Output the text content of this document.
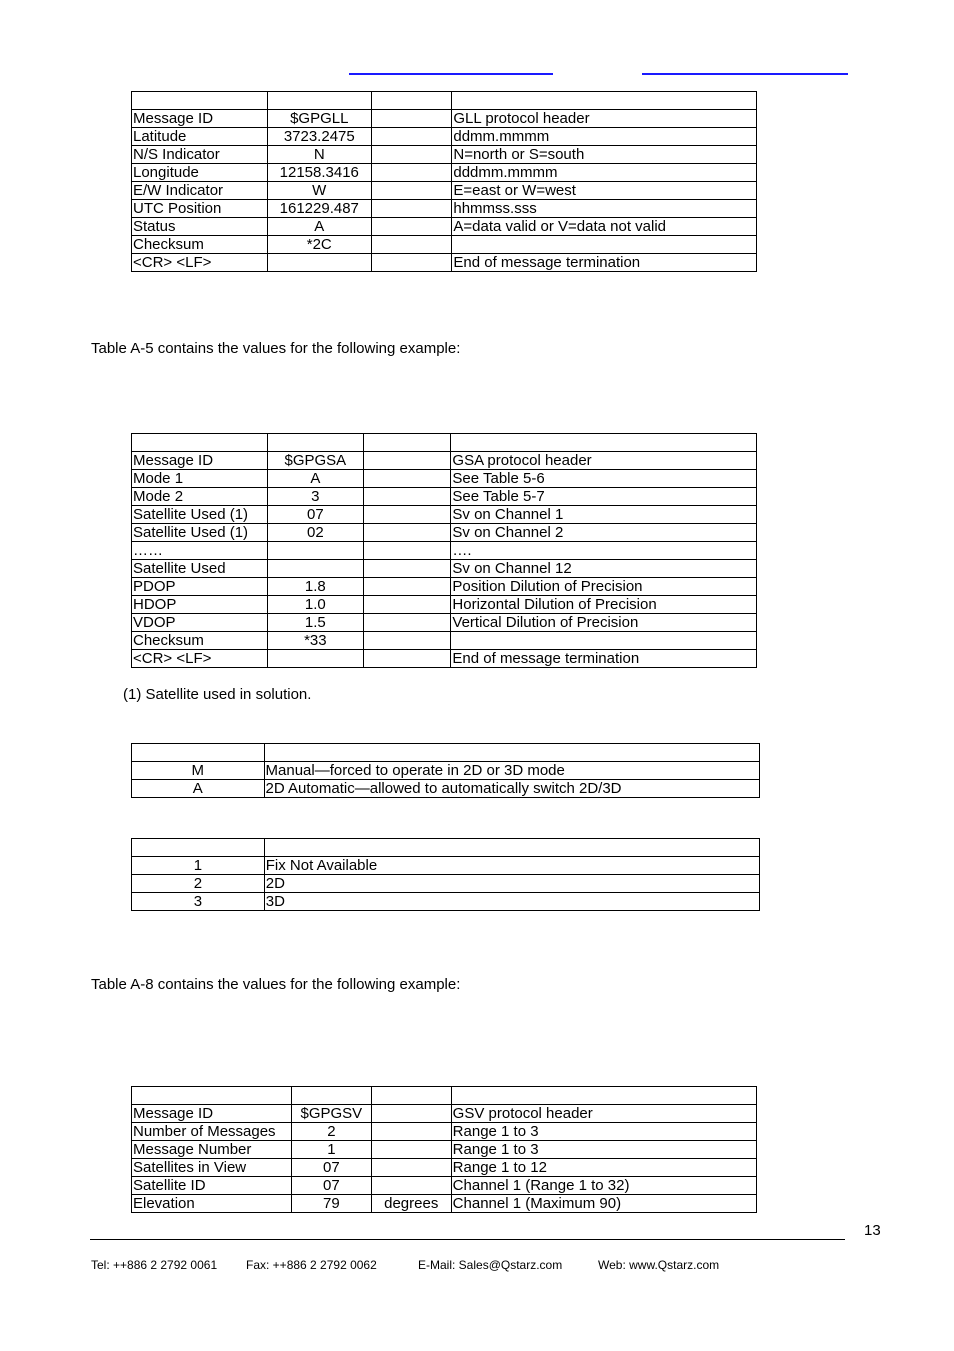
Message ID	$GPGLL		GLL protocol header
Latitude	3723.2475		ddmm.mmmm
N/S Indicator	N		N=north or S=south
Longitude	12158.3416		dddmm.mmmm
E/W Indicator	W		E=east or W=west
UTC Position	161229.487		hhmmss.sss
Status	A		A=data valid or V=data not valid
Checksum	*2C		
<CR> <LF>			End of message termination
Table A-5 contains the values for the following example:

Message ID	$GPGSA		GSA protocol header
Mode 1	A		See Table 5-6
Mode 2	3		See Table 5-7
Satellite Used (1)	07		Sv on Channel 1
Satellite Used (1)	02		Sv on Channel 2
……			….
Satellite Used			Sv on Channel 12
PDOP	1.8		Position Dilution of Precision
HDOP	1.0		Horizontal Dilution of Precision
VDOP	1.5		Vertical Dilution of Precision
Checksum	*33		
<CR> <LF>			End of message termination
(1) Satellite used in solution.

M	Manual—forced to operate in 2D or 3D mode
A	2D Automatic—allowed to automatically switch 2D/3D

1	Fix Not Available
2	2D
3	3D
Table A-8 contains the values for the following example:

Message ID	$GPGSV		GSV protocol header
Number of Messages	2		Range 1 to 3
Message Number	1		Range 1 to 3
Satellites in View	07		Range 1 to 12
Satellite ID	07		Channel 1 (Range 1 to 32)
Elevation	79	degrees	Channel 1 (Maximum 90)
13
Tel: ++886 2 2792 0061 Fax: ++886 2 2792 0062	E-Mail: Sales@Qstarz.com	Web: www.Qstarz.com
